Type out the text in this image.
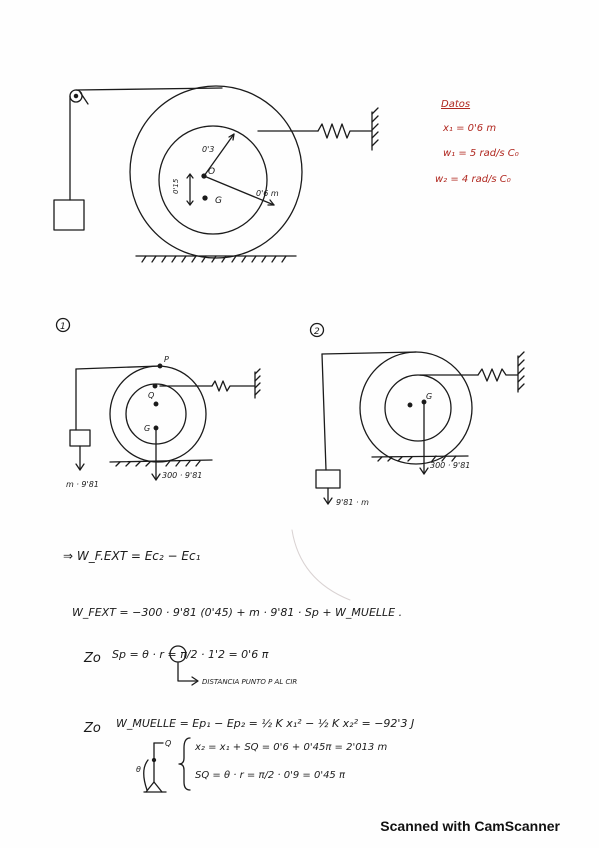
0'3
0'15
O
G
0'6 m
Datos
x₁ = 0'6 m
w₁ = 5 rad/s C₀
w₂ = 4 rad/s C₀
1
P
Q
G
m · 9'81
300 · 9'81
2
G
300 · 9'81
9'81 · m
⇒ W_F.EXT = Ec₂ − Ec₁
W_FEXT = −300 · 9'81 (0'45) + m · 9'81 · Sp + W_MUELLE .
Zo Sp = θ · r = π/2 · 1'2 = 0'6 π
DISTANCIA PUNTO P AL CIR
Zo W_MUELLE = Ep₁ − Ep₂ = ½ K x₁² − ½ K x₂² = −92'3 J
Q
θ
x₂ = x₁ + SQ = 0'6 + 0'45π = 2'013 m
SQ = θ · r = π/2 · 0'9 = 0'45 π
Scanned with CamScanner
